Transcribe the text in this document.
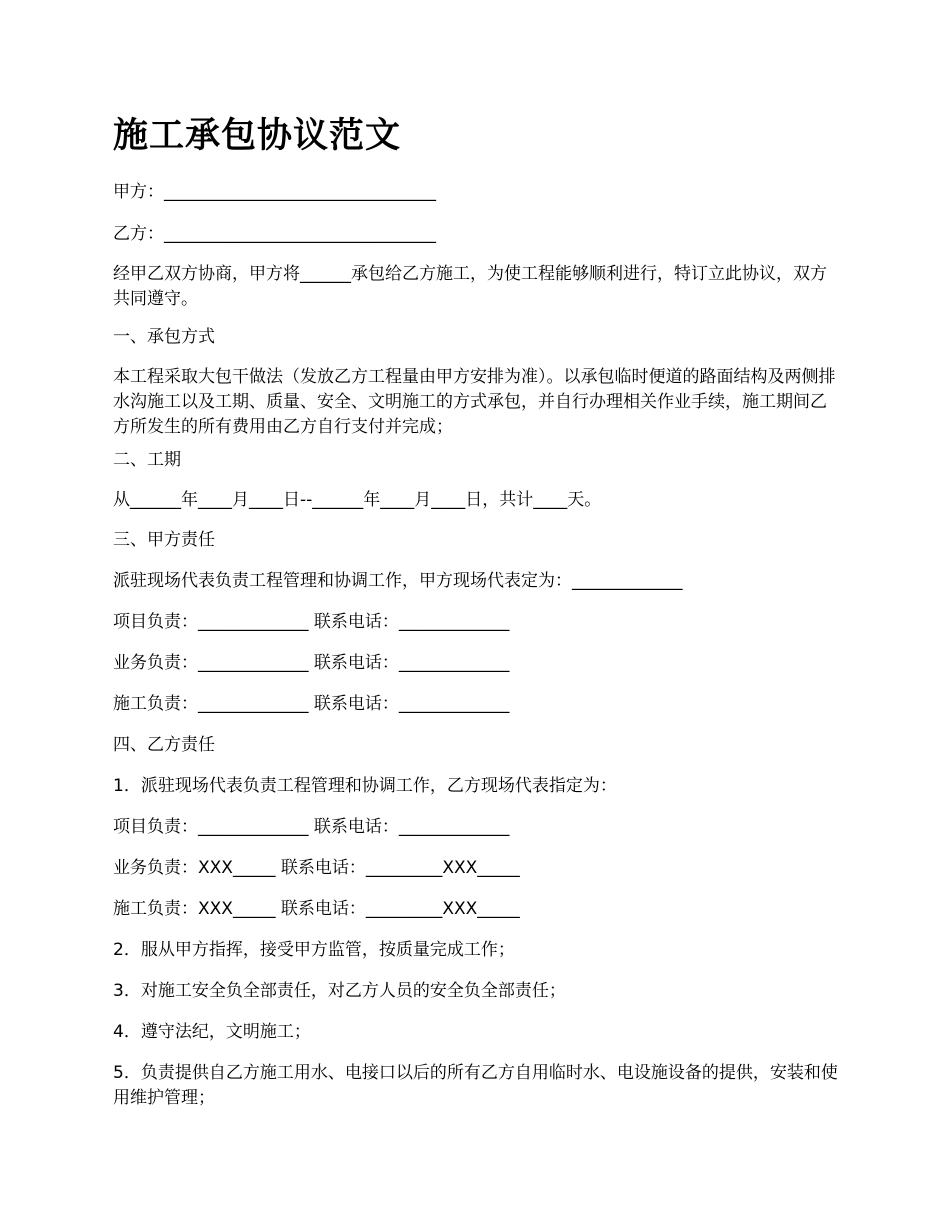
施工承包协议范文
甲方：________________________________
乙方：________________________________
经甲乙双方协商，甲方将______承包给乙方施工，为使工程能够顺利进行，特订立此协议，双方共同遵守。
一、承包方式
本工程采取大包干做法（发放乙方工程量由甲方安排为准）。以承包临时便道的路面结构及两侧排水沟施工以及工期、质量、安全、文明施工的方式承包，并自行办理相关作业手续，施工期间乙方所发生的所有费用由乙方自行支付并完成；
二、工期
从______年____月____日--______年____月____日，共计____天。
三、甲方责任
派驻现场代表负责工程管理和协调工作，甲方现场代表定为：_____________
项目负责：_____________ 联系电话：_____________
业务负责：_____________ 联系电话：_____________
施工负责：_____________ 联系电话：_____________
四、乙方责任
1．派驻现场代表负责工程管理和协调工作，乙方现场代表指定为：
项目负责：_____________ 联系电话：_____________
业务负责：XXX_____ 联系电话：_________XXX_____
施工负责：XXX_____ 联系电话：_________XXX_____
2．服从甲方指挥，接受甲方监管，按质量完成工作；
3．对施工安全负全部责任，对乙方人员的安全负全部责任；
4．遵守法纪，文明施工；
5．负责提供自乙方施工用水、电接口以后的所有乙方自用临时水、电设施设备的提供，安装和使用维护管理；
